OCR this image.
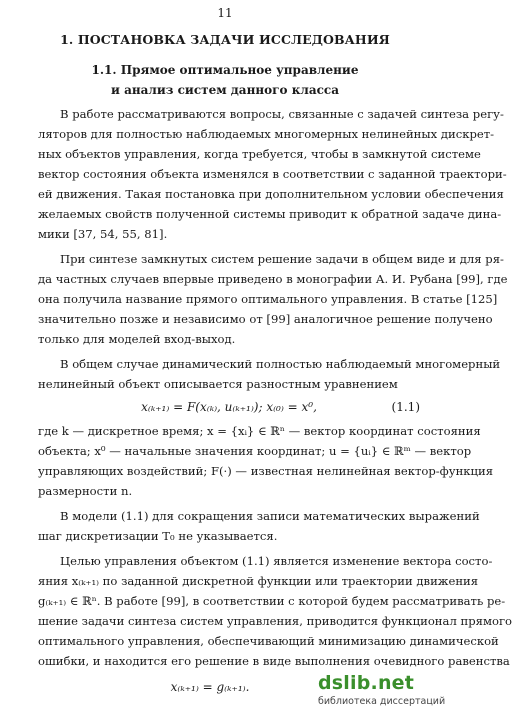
11
1. ПОСТАНОВКА ЗАДАЧИ ИССЛЕДОВАНИЯ
1.1. Прямое оптимальное управление
и анализ систем данного класса
В работе рассматриваются вопросы, связанные с задачей синтеза регу-
ляторов для полностью наблюдаемых многомерных нелинейных дискрет-
ных объектов управления, когда требуется, чтобы в замкнутой системе
вектор состояния объекта изменялся в соответствии с заданной траектори-
ей движения. Такая постановка при дополнительном условии обеспечения
желаемых свойств полученной системы приводит к обратной задаче дина-
мики [37, 54, 55, 81].
При синтезе замкнутых систем решение задачи в общем виде и для ря-
да частных случаев впервые приведено в монографии А. И. Рубана [99], где
она получила название прямого оптимального управления. В статье [125]
значительно позже и независимо от [99] аналогичное решение получено
только для моделей вход-выход.
В общем случае динамический полностью наблюдаемый многомерный
нелинейный объект описывается разностным уравнением
x₍ₖ₊₁₎ = F(x₍ₖ₎, u₍ₖ₊₁₎); x₍₀₎ = x⁰,	(1.1)
где k — дискретное время; x = {xᵢ} ∈ ℝⁿ — вектор координат состояния
объекта; x⁰ — начальные значения координат; u = {uᵢ} ∈ ℝᵐ — вектор
управляющих воздействий; F(·) — известная нелинейная вектор-функция
размерности n.
В модели (1.1) для сокращения записи математических выражений
шаг дискретизации T₀ не указывается.
Целью управления объектом (1.1) является изменение вектора состо-
яния x₍ₖ₊₁₎ по заданной дискретной функции или траектории движения
g₍ₖ₊₁₎ ∈ ℝⁿ. В работе [99], в соответствии с которой будем рассматривать ре-
шение задачи синтеза систем управления, приводится функционал прямого
оптимального управления, обеспечивающий минимизацию динамической
ошибки, и находится его решение в виде выполнения очевидного равенства
x₍ₖ₊₁₎ = g₍ₖ₊₁₎.	dslib.net
библиотека диссертаций
